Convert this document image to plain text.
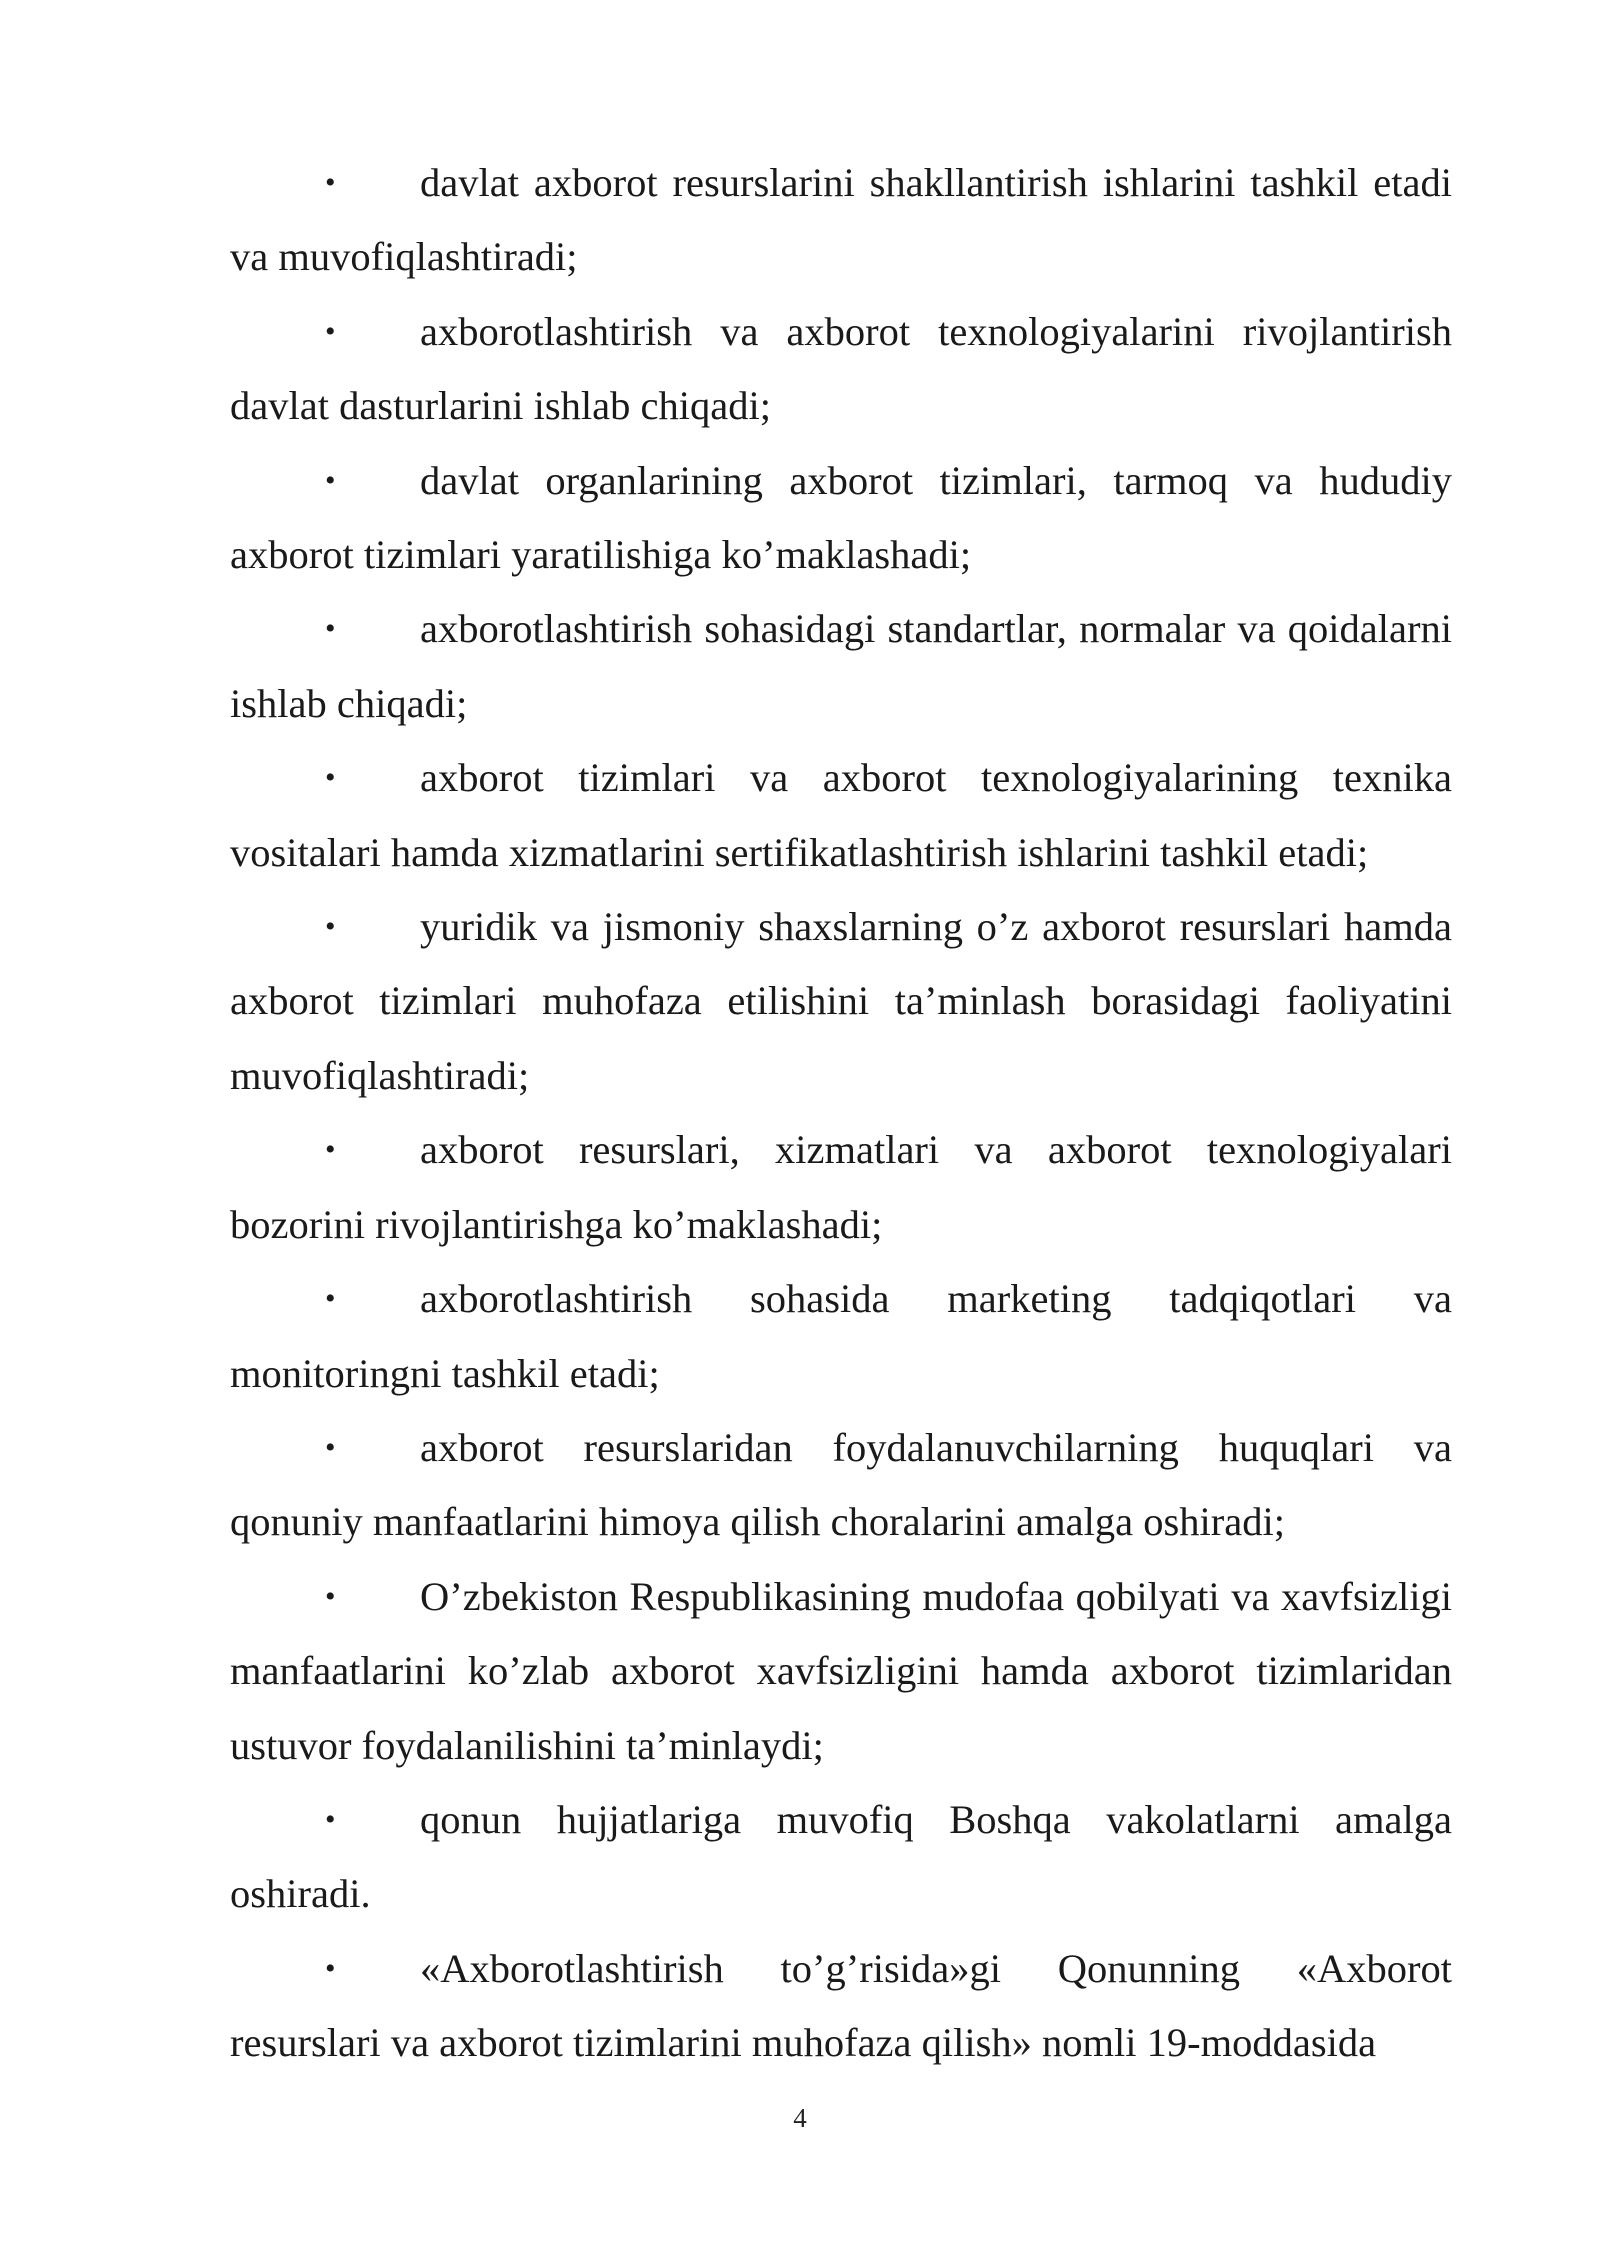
• davlat axborot resurslarini shakllantirish ishlarini tashkil etadi va muvofiqlashtiradi;

• axborotlashtirish va axborot texnologiyalarini rivojlantirish davlat dasturlarini ishlab chiqadi;

• davlat organlarining axborot tizimlari, tarmoq va hududiy axborot tizimlari yaratilishiga ko’maklashadi;

• axborotlashtirish sohasidagi standartlar, normalar va qoidalarni ishlab chiqadi;

• axborot tizimlari va axborot texnologiyalarining texnika vositalari hamda xizmatlarini sertifikatlashtirish ishlarini tashkil etadi;

• yuridik va jismoniy shaxslarning o’z axborot resurslari hamda axborot tizimlari muhofaza etilishini ta’minlash borasidagi faoliyatini muvofiqlashtiradi;

• axborot resurslari, xizmatlari va axborot texnologiyalari bozorini rivojlantirishga ko’maklashadi;

• axborotlashtirish sohasida marketing tadqiqotlari va monitoringni tashkil etadi;

• axborot resurslaridan foydalanuvchilarning huquqlari va qonuniy manfaatlarini himoya qilish choralarini amalga oshiradi;

• O’zbekiston Respublikasining mudofaa qobilyati va xavfsizligi manfaatlarini ko’zlab axborot xavfsizligini hamda axborot tizimlaridan ustuvor foydalanilishini ta’minlaydi;

• qonun hujjatlariga muvofiq Boshqa vakolatlarni amalga oshiradi.

• «Axborotlashtirish to’g’risida»gi Qonunning «Axborot resurslari va axborot tizimlarini muhofaza qilish» nomli 19-moddasida

4
